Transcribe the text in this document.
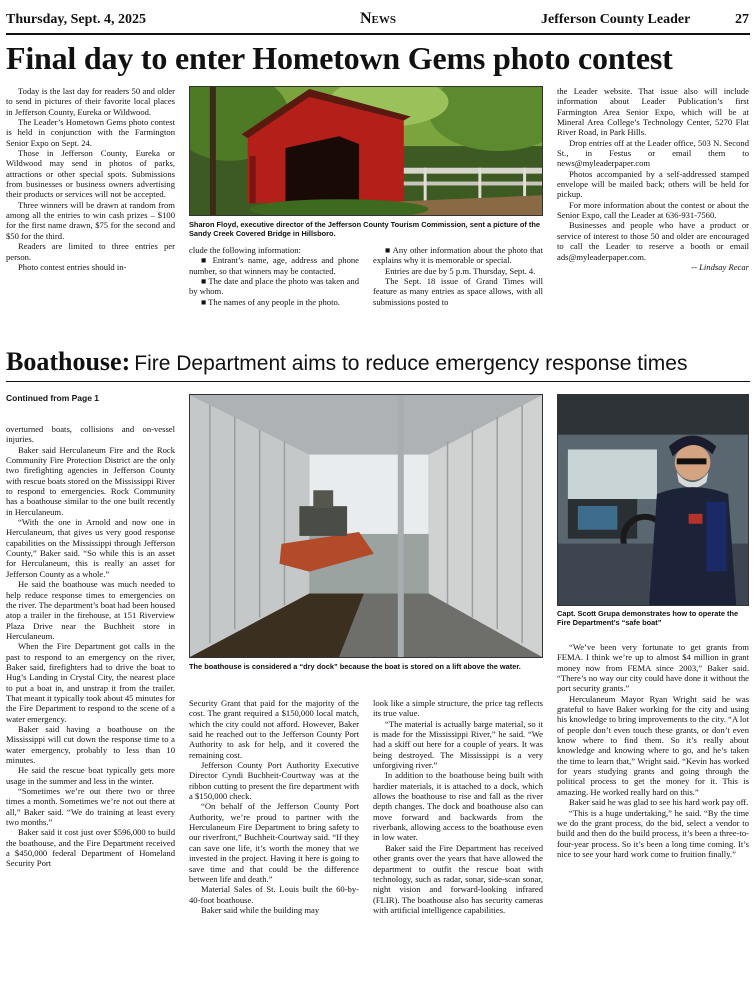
Thursday, Sept. 4, 2025	News	Jefferson County Leader	27
Final day to enter Hometown Gems photo contest

Today is the last day for readers 50 and older to send in pictures of their favorite local places in Jefferson County, Eureka or Wildwood.

The Leader’s Hometown Gems photo contest is held in conjunction with the Farmington Senior Expo on Sept. 24.

Those in Jefferson County, Eureka or Wildwood may send in photos of parks, attractions or other special spots. Submissions from businesses or business owners advertising their products or services will not be accepted.

Three winners will be drawn at random from among all the entries to win cash prizes – $100 for the first name drawn, $75 for the second and $50 for the third.

Readers are limited to three entries per person.

Photo contest entries should in-

Sharon Floyd, executive director of the Jefferson County Tourism Commission, sent a picture of the Sandy Creek Covered Bridge in Hillsboro.

clude the following information:

■ Entrant’s name, age, address and phone number, so that winners may be contacted.

■ The date and place the photo was taken and by whom.

■ The names of any people in the photo.

■ Any other information about the photo that explains why it is memorable or special.

Entries are due by 5 p.m. Thursday, Sept. 4.

The Sept. 18 issue of Grand Times will feature as many entries as space allows, with all submissions posted to

the Leader website. That issue also will include information about Leader Publication’s first Farmington Area Senior Expo, which will be at Mineral Area College’s Technology Center, 5270 Flat River Road, in Park Hills.

Drop entries off at the Leader office, 503 N. Second St., in Festus or email them to news@myleaderpaper.com

Photos accompanied by a self-addressed stamped envelope will be mailed back; others will be held for pickup.

For more information about the contest or about the Senior Expo, call the Leader at 636-931-7560.

Businesses and people who have a product or service of interest to those 50 and older are encouraged to call the Leader to reserve a booth or email ads@myleaderpaper.com.

-- Lindsay Recar

Boathouse: Fire Department aims to reduce emergency response times
Continued from Page 1

overturned boats, collisions and on-vessel injuries.

Baker said Herculaneum Fire and the Rock Community Fire Protection District are the only two firefighting agencies in Jefferson County with rescue boats stored on the Mississippi River to respond to emergencies. Rock Community has a boathouse similar to the one built recently in Herculaneum.

“With the one in Arnold and now one in Herculaneum, that gives us very good response capabilities on the Mississippi through Jefferson County,” Baker said. “So while this is an asset for Herculaneum, this is really an asset for Jefferson County as a whole.”

He said the boathouse was much needed to help reduce response times to emergencies on the river. The department’s boat had been housed atop a trailer in the firehouse, at 151 Riverview Plaza Drive near the Buchheit store in Herculaneum.

When the Fire Department got calls in the past to respond to an emergency on the river, Baker said, firefighters had to drive the boat to Hug’s Landing in Crystal City, the nearest place to put a boat in, and unstrap it from the trailer. That meant it typically took about 45 minutes for the Fire Department to respond to the scene of a water emergency.

Baker said having a boathouse on the Mississippi will cut down the response time to a water emergency, probably to less than 10 minutes.

He said the rescue boat typically gets more usage in the summer and less in the winter.

“Sometimes we’re out there two or three times a month. Sometimes we’re not out there at all,” Baker said. “We do training at least every two months.”

Baker said it cost just over $596,000 to build the boathouse, and the Fire Department received a $450,000 federal Department of Homeland Security Port

The boathouse is considered a “dry dock” because the boat is stored on a lift above the water.
Capt. Scott Grupa demonstrates how to operate the Fire Department’s “safe boat”

Security Grant that paid for the majority of the cost. The grant required a $150,000 local match, which the city could not afford. However, Baker said he reached out to the Jefferson County Port Authority to ask for help, and it covered the remaining cost.

Jefferson County Port Authority Executive Director Cyndi Buchheit-Courtway was at the ribbon cutting to present the fire department with a $150,000 check.

“On behalf of the Jefferson County Port Authority, we’re proud to partner with the Herculaneum Fire Department to bring safety to our riverfront,” Buchheit-Courtway said. “If they can save one life, it’s worth the money that we invested in the project. Having it here is going to save time and that could be the difference between life and death.”

Material Sales of St. Louis built the 60-by-40-foot boathouse.

Baker said while the building may

look like a simple structure, the price tag reflects its true value.

“The material is actually barge material, so it is made for the Mississippi River,” he said. “We had a skiff out here for a couple of years. It was being destroyed. The Mississippi is a very unforgiving river.”

In addition to the boathouse being built with hardier materials, it is attached to a dock, which allows the boathouse to rise and fall as the river depth changes. The dock and boathouse also can move forward and backwards from the riverbank, allowing access to the boathouse even in low water.

Baker said the Fire Department has received other grants over the years that have allowed the department to outfit the rescue boat with technology, such as radar, sonar, side-scan sonar, night vision and forward-looking infrared (FLIR). The boathouse also has security cameras with artificial intelligence capabilities.

“We’ve been very fortunate to get grants from FEMA. I think we’re up to almost $4 million in grant money now from FEMA since 2003,” Baker said. “There’s no way our city could have done it without the port security grants.”

Herculaneum Mayor Ryan Wright said he was grateful to have Baker working for the city and using his knowledge to bring improvements to the city. “A lot of people don’t even touch these grants, or don’t even know where to find them. So it’s really about knowledge and knowing where to go, and he’s taken the time to learn that,” Wright said. “Kevin has worked for years studying grants and going through the political process to get the money for it. This is amazing. He worked really hard on this.”

Baker said he was glad to see his hard work pay off.

“This is a huge undertaking,” he said. “By the time we do the grant process, do the bid, select a vendor to build and then do the build process, it’s been a three-to-four-year process. So it’s been a long time coming. It’s nice to see your hard work come to fruition finally.”
